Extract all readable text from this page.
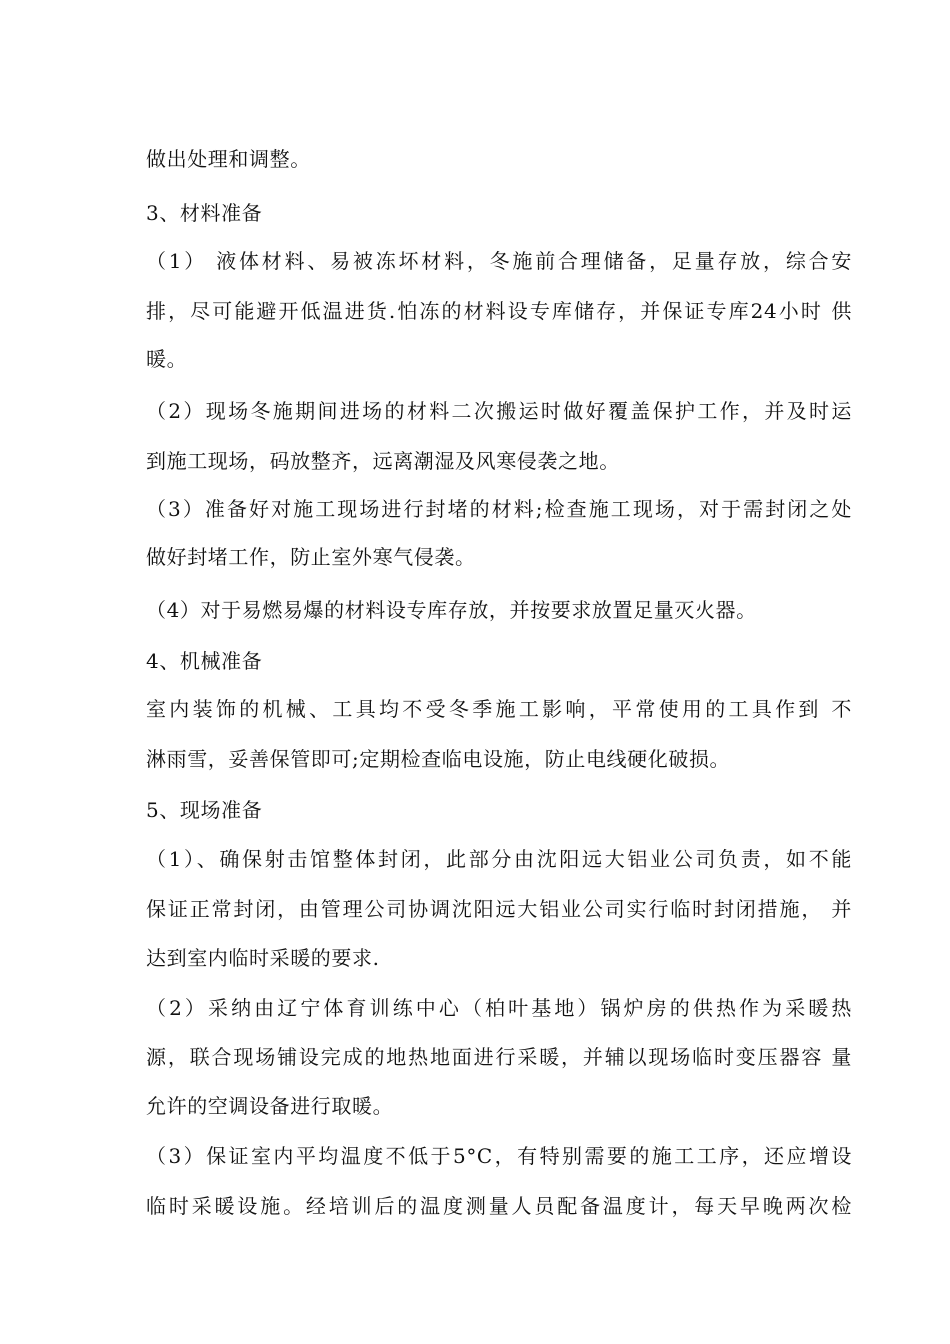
做出处理和调整。
3、材料准备
（1） 液体材料、易被冻坏材料，冬施前合理储备，足量存放，综合安
排，尽可能避开低温进货.怕冻的材料设专库储存，并保证专库24小时 供
暖。
（2）现场冬施期间进场的材料二次搬运时做好覆盖保护工作，并及时运
到施工现场，码放整齐，远离潮湿及风寒侵袭之地。
（3）准备好对施工现场进行封堵的材料;检查施工现场，对于需封闭之处
做好封堵工作，防止室外寒气侵袭。
（4）对于易燃易爆的材料设专库存放，并按要求放置足量灭火器。
4、机械准备
室内装饰的机械、工具均不受冬季施工影响，平常使用的工具作到 不
淋雨雪，妥善保管即可;定期检查临电设施，防止电线硬化破损。
5、现场准备
（1）、确保射击馆整体封闭，此部分由沈阳远大铝业公司负责，如不能
保证正常封闭，由管理公司协调沈阳远大铝业公司实行临时封闭措施， 并
达到室内临时采暖的要求.
（2）采纳由辽宁体育训练中心（柏叶基地）锅炉房的供热作为采暖热
源，联合现场铺设完成的地热地面进行采暖，并辅以现场临时变压器容 量
允许的空调设备进行取暖。
（3）保证室内平均温度不低于5°C，有特别需要的施工工序，还应增设
临时采暖设施。经培训后的温度测量人员配备温度计，每天早晚两次检
